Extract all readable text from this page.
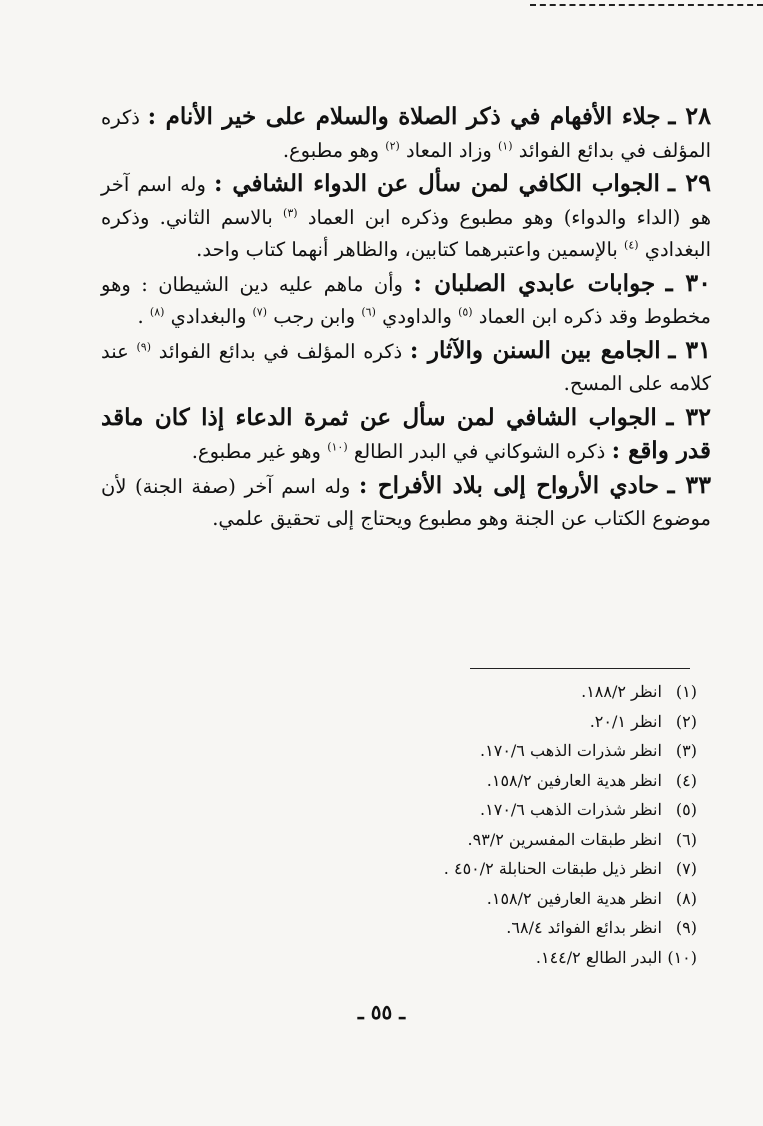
٢٨ ـ جلاء الأفهام في ذكر الصلاة والسلام على خير الأنام : ذكره المؤلف في بدائع الفوائد $^{(١)}$ وزاد المعاد $^{(٢)}$ وهو مطبوع.

٢٩ ـ الجواب الكافي لمن سأل عن الدواء الشافي : وله اسم آخر هو (الداء والدواء) وهو مطبوع وذكره ابن العماد $^{(٣)}$ بالاسم الثاني. وذكره البغدادي $^{(٤)}$ بالإسمين واعتبرهما كتابين، والظاهر أنهما كتاب واحد.

٣٠ ـ جوابات عابدي الصلبان : وأن ماهم عليه دين الشيطان : وهو مخطوط وقد ذكره ابن العماد $^{(٥)}$ والداودي $^{(٦)}$ وابن رجب $^{(٧)}$ والبغدادي $^{(٨)}$ .

٣١ ـ الجامع بين السنن والآثار : ذكره المؤلف في بدائع الفوائد $^{(٩)}$ عند كلامه على المسح.

٣٢ ـ الجواب الشافي لمن سأل عن ثمرة الدعاء إذا كان ماقد قدر واقع : ذكره الشوكاني في البدر الطالع $^{(١٠)}$ وهو غير مطبوع.

٣٣ ـ حادي الأرواح إلى بلاد الأفراح : وله اسم آخر (صفة الجنة) لأن موضوع الكتاب عن الجنة وهو مطبوع ويحتاج إلى تحقيق علمي.

(١) انظر ١٨٨/٢.
(٢) انظر ٢٠/١.
(٣) انظر شذرات الذهب ١٧٠/٦.
(٤) انظر هدية العارفين ١٥٨/٢.
(٥) انظر شذرات الذهب ١٧٠/٦.
(٦) انظر طبقات المفسرين ٩٣/٢.
(٧) انظر ذيل طبقات الحنابلة ٤٥٠/٢ .
(٨) انظر هدية العارفين ١٥٨/٢.
(٩) انظر بدائع الفوائد ٦٨/٤.
(١٠) البدر الطالع ١٤٤/٢.
ـ ٥٥ ـ
